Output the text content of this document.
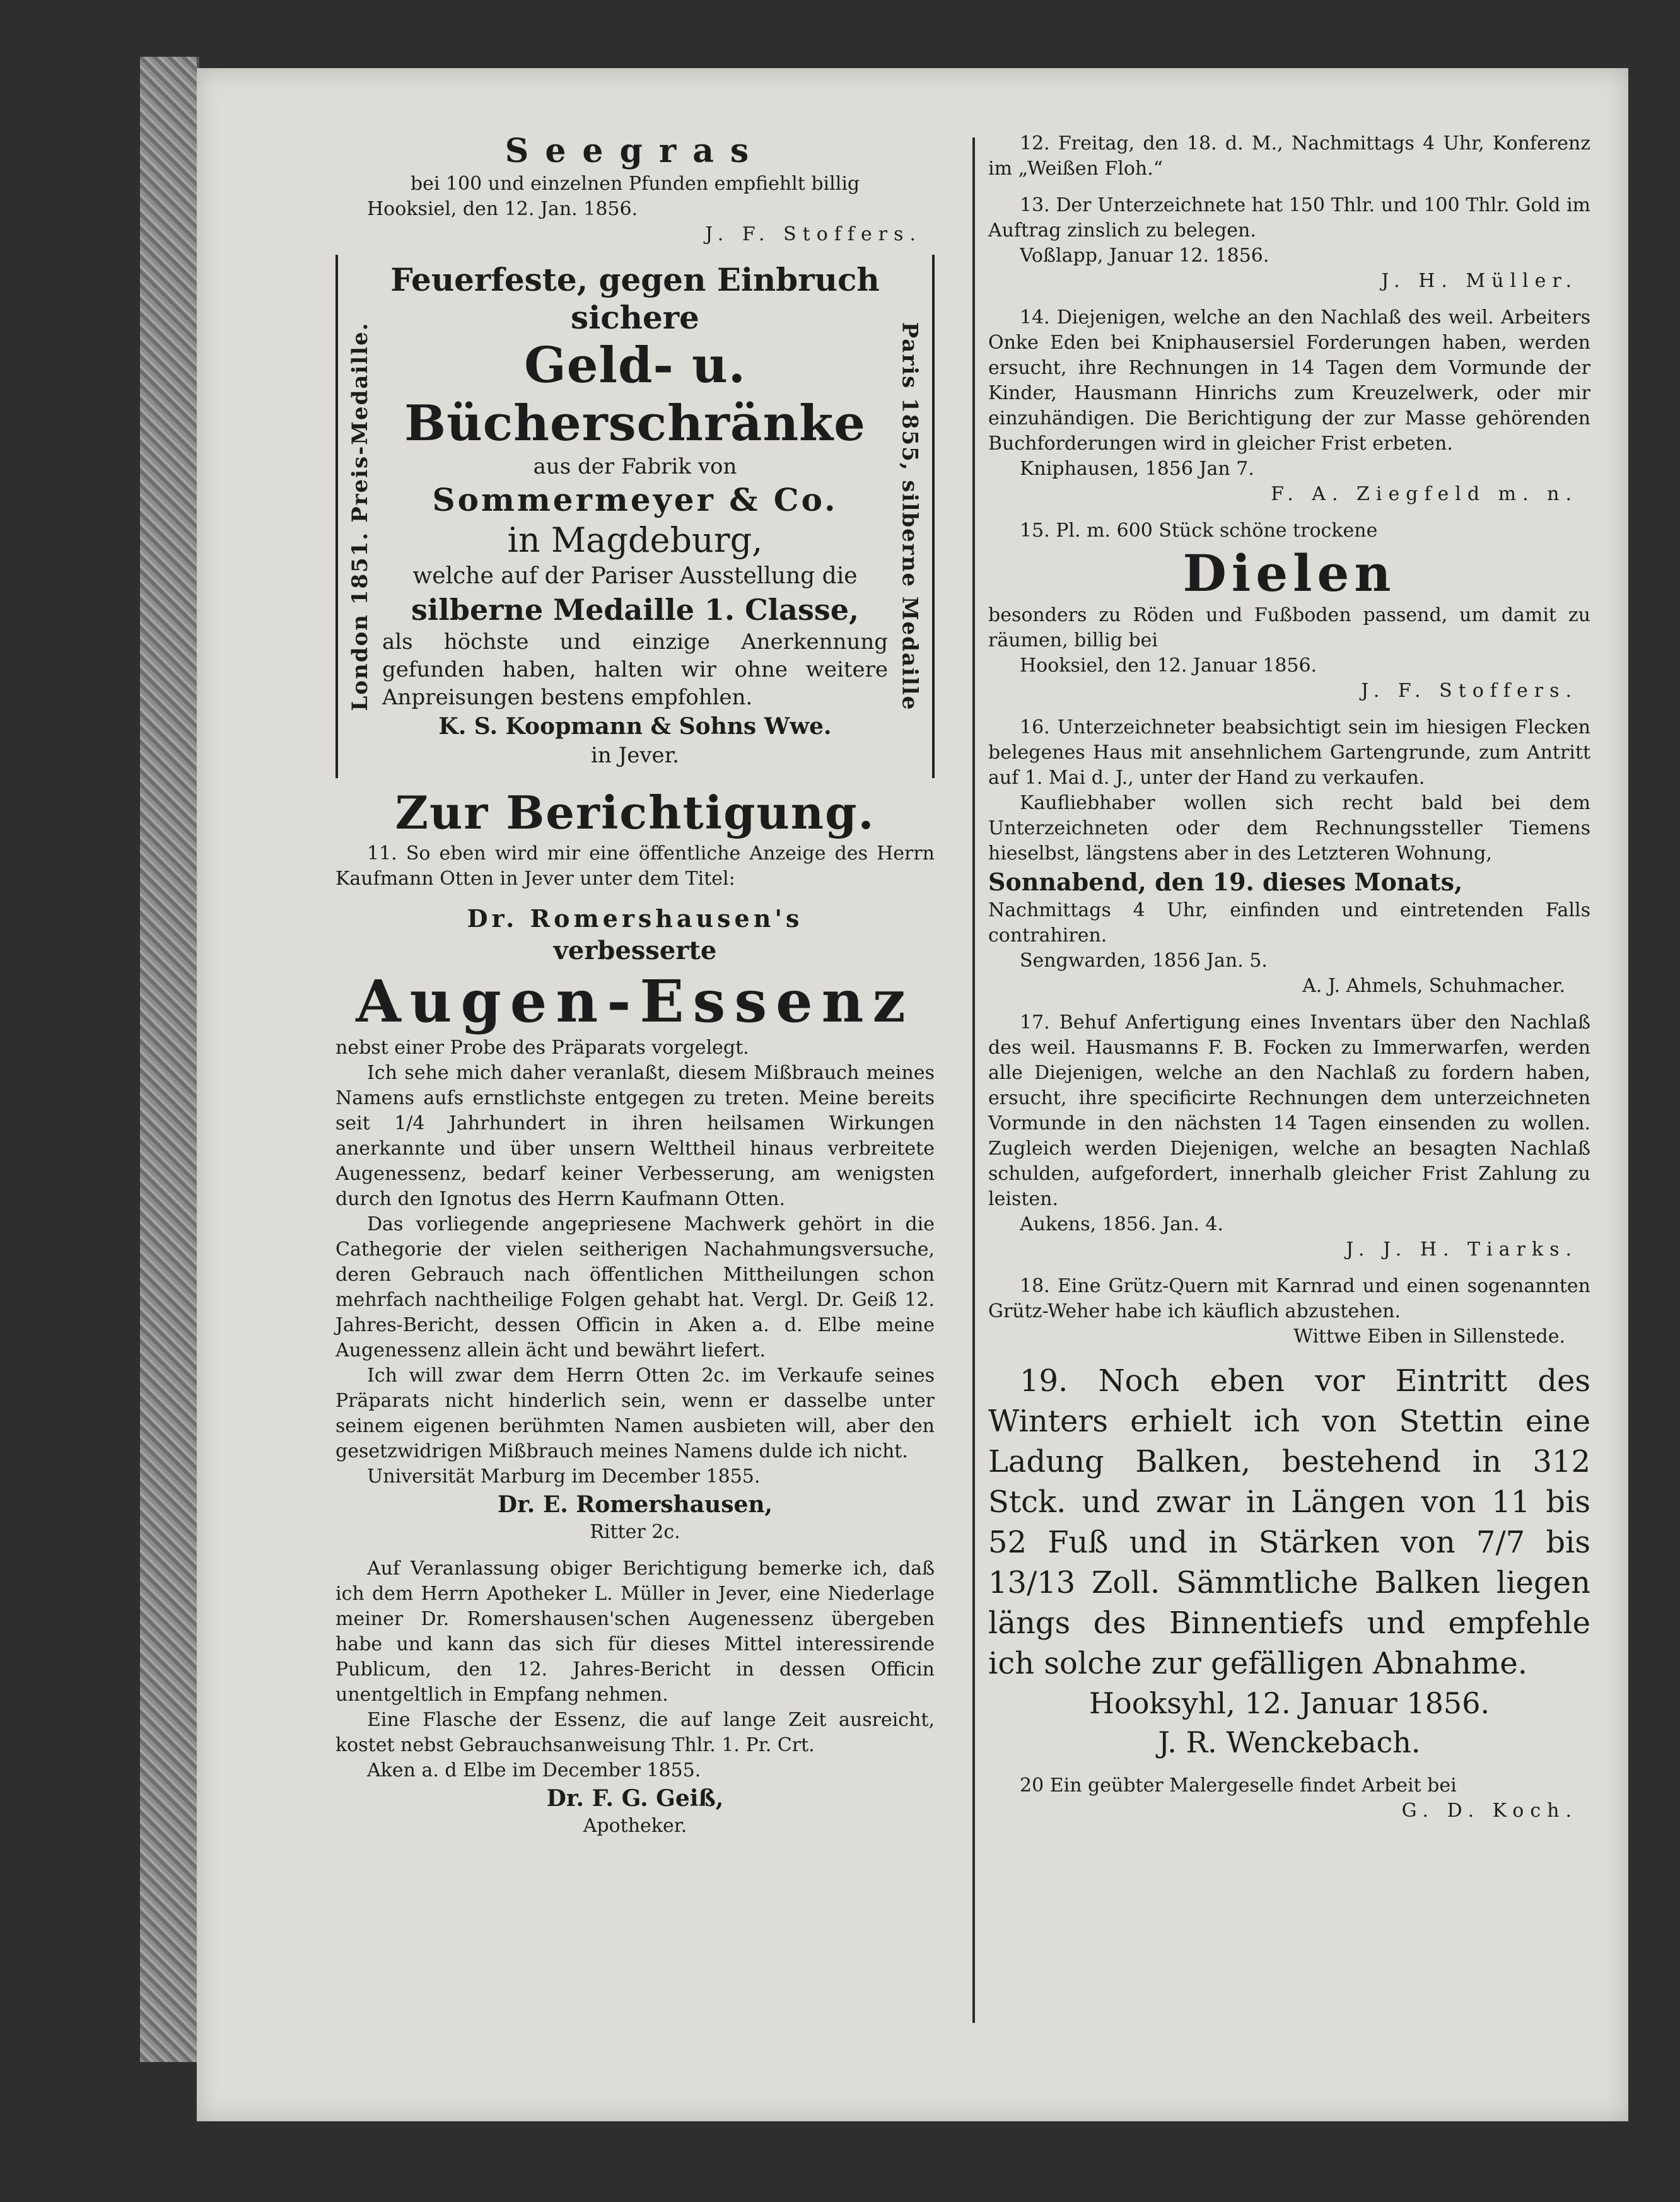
Seegras

bei 100 und einzelnen Pfunden empfiehlt billig

Hooksiel, den 12. Jan. 1856.

J. F. Stoffers.

London 1851. Preis-Medaille.	Paris 1855, silberne Medaille

Feuerfeste, gegen Einbruch

sichere

Geld- u. Bücherschränke

aus der Fabrik von

Sommermeyer & Co.

in Magdeburg,

welche auf der Pariser Ausstellung die

silberne Medaille 1. Classe,

als höchste und einzige Anerkennung gefunden haben, halten wir ohne weitere Anpreisungen bestens empfohlen.

K. S. Koopmann & Sohns Wwe.

in Jever.

Zur Berichtigung.

11. So eben wird mir eine öffentliche Anzeige des Herrn Kaufmann Otten in Jever unter dem Titel:

Dr. Romershausen's

verbesserte

Augen-Essenz

nebst einer Probe des Präparats vorgelegt.

Ich sehe mich daher veranlaßt, diesem Mißbrauch meines Namens aufs ernstlichste entgegen zu treten. Meine bereits seit 1/4 Jahrhundert in ihren heilsamen Wirkungen anerkannte und über unsern Welttheil hinaus verbreitete Augenessenz, bedarf keiner Verbesserung, am wenigsten durch den Ignotus des Herrn Kaufmann Otten.

Das vorliegende angepriesene Machwerk gehört in die Cathegorie der vielen seitherigen Nachahmungsversuche, deren Gebrauch nach öffentlichen Mittheilungen schon mehrfach nachtheilige Folgen gehabt hat. Vergl. Dr. Geiß 12. Jahres-Bericht, dessen Officin in Aken a. d. Elbe meine Augenessenz allein ächt und bewährt liefert.

Ich will zwar dem Herrn Otten 2c. im Verkaufe seines Präparats nicht hinderlich sein, wenn er dasselbe unter seinem eigenen berühmten Namen ausbieten will, aber den gesetzwidrigen Mißbrauch meines Namens dulde ich nicht.

Universität Marburg im December 1855.

Dr. E. Romershausen,

Ritter 2c.

Auf Veranlassung obiger Berichtigung bemerke ich, daß ich dem Herrn Apotheker L. Müller in Jever, eine Niederlage meiner Dr. Romershausen'schen Augenessenz übergeben habe und kann das sich für dieses Mittel interessirende Publicum, den 12. Jahres-Bericht in dessen Officin unentgeltlich in Empfang nehmen.

Eine Flasche der Essenz, die auf lange Zeit ausreicht, kostet nebst Gebrauchsanweisung Thlr. 1. Pr. Crt.

Aken a. d Elbe im December 1855.

Dr. F. G. Geiß,

Apotheker.

12. Freitag, den 18. d. M., Nachmittags 4 Uhr, Konferenz im „Weißen Floh.“

13. Der Unterzeichnete hat 150 Thlr. und 100 Thlr. Gold im Auftrag zinslich zu belegen.

Voßlapp, Januar 12. 1856.

J. H. Müller.

14. Diejenigen, welche an den Nachlaß des weil. Arbeiters Onke Eden bei Kniphausersiel Forderungen haben, werden ersucht, ihre Rechnungen in 14 Tagen dem Vormunde der Kinder, Hausmann Hinrichs zum Kreuzelwerk, oder mir einzuhändigen. Die Berichtigung der zur Masse gehörenden Buchforderungen wird in gleicher Frist erbeten.

Kniphausen, 1856 Jan 7.

F. A. Ziegfeld m. n.

15. Pl. m. 600 Stück schöne trockene

Dielen

besonders zu Röden und Fußboden passend, um damit zu räumen, billig bei

Hooksiel, den 12. Januar 1856.

J. F. Stoffers.

16. Unterzeichneter beabsichtigt sein im hiesigen Flecken belegenes Haus mit ansehnlichem Gartengrunde, zum Antritt auf 1. Mai d. J., unter der Hand zu verkaufen.

Kaufliebhaber wollen sich recht bald bei dem Unterzeichneten oder dem Rechnungssteller Tiemens hieselbst, längstens aber in des Letzteren Wohnung,

Sonnabend, den 19. dieses Monats,

Nachmittags 4 Uhr, einfinden und eintretenden Falls contrahiren.

Sengwarden, 1856 Jan. 5.

A. J. Ahmels, Schuhmacher.

17. Behuf Anfertigung eines Inventars über den Nachlaß des weil. Hausmanns F. B. Focken zu Immerwarfen, werden alle Diejenigen, welche an den Nachlaß zu fordern haben, ersucht, ihre specificirte Rechnungen dem unterzeichneten Vormunde in den nächsten 14 Tagen einsenden zu wollen. Zugleich werden Diejenigen, welche an besagten Nachlaß schulden, aufgefordert, innerhalb gleicher Frist Zahlung zu leisten.

Aukens, 1856. Jan. 4.

J. J. H. Tiarks.

18. Eine Grütz-Quern mit Karnrad und einen sogenannten Grütz-Weher habe ich käuflich abzustehen.

Wittwe Eiben in Sillenstede.

19. Noch eben vor Eintritt des Winters erhielt ich von Stettin eine Ladung Balken, bestehend in 312 Stck. und zwar in Längen von 11 bis 52 Fuß und in Stärken von 7/7 bis 13/13 Zoll. Sämmtliche Balken liegen längs des Binnentiefs und empfehle ich solche zur gefälligen Abnahme.

Hooksyhl, 12. Januar 1856.

J. R. Wenckebach.

20 Ein geübter Malergeselle findet Arbeit bei

G. D. Koch.
